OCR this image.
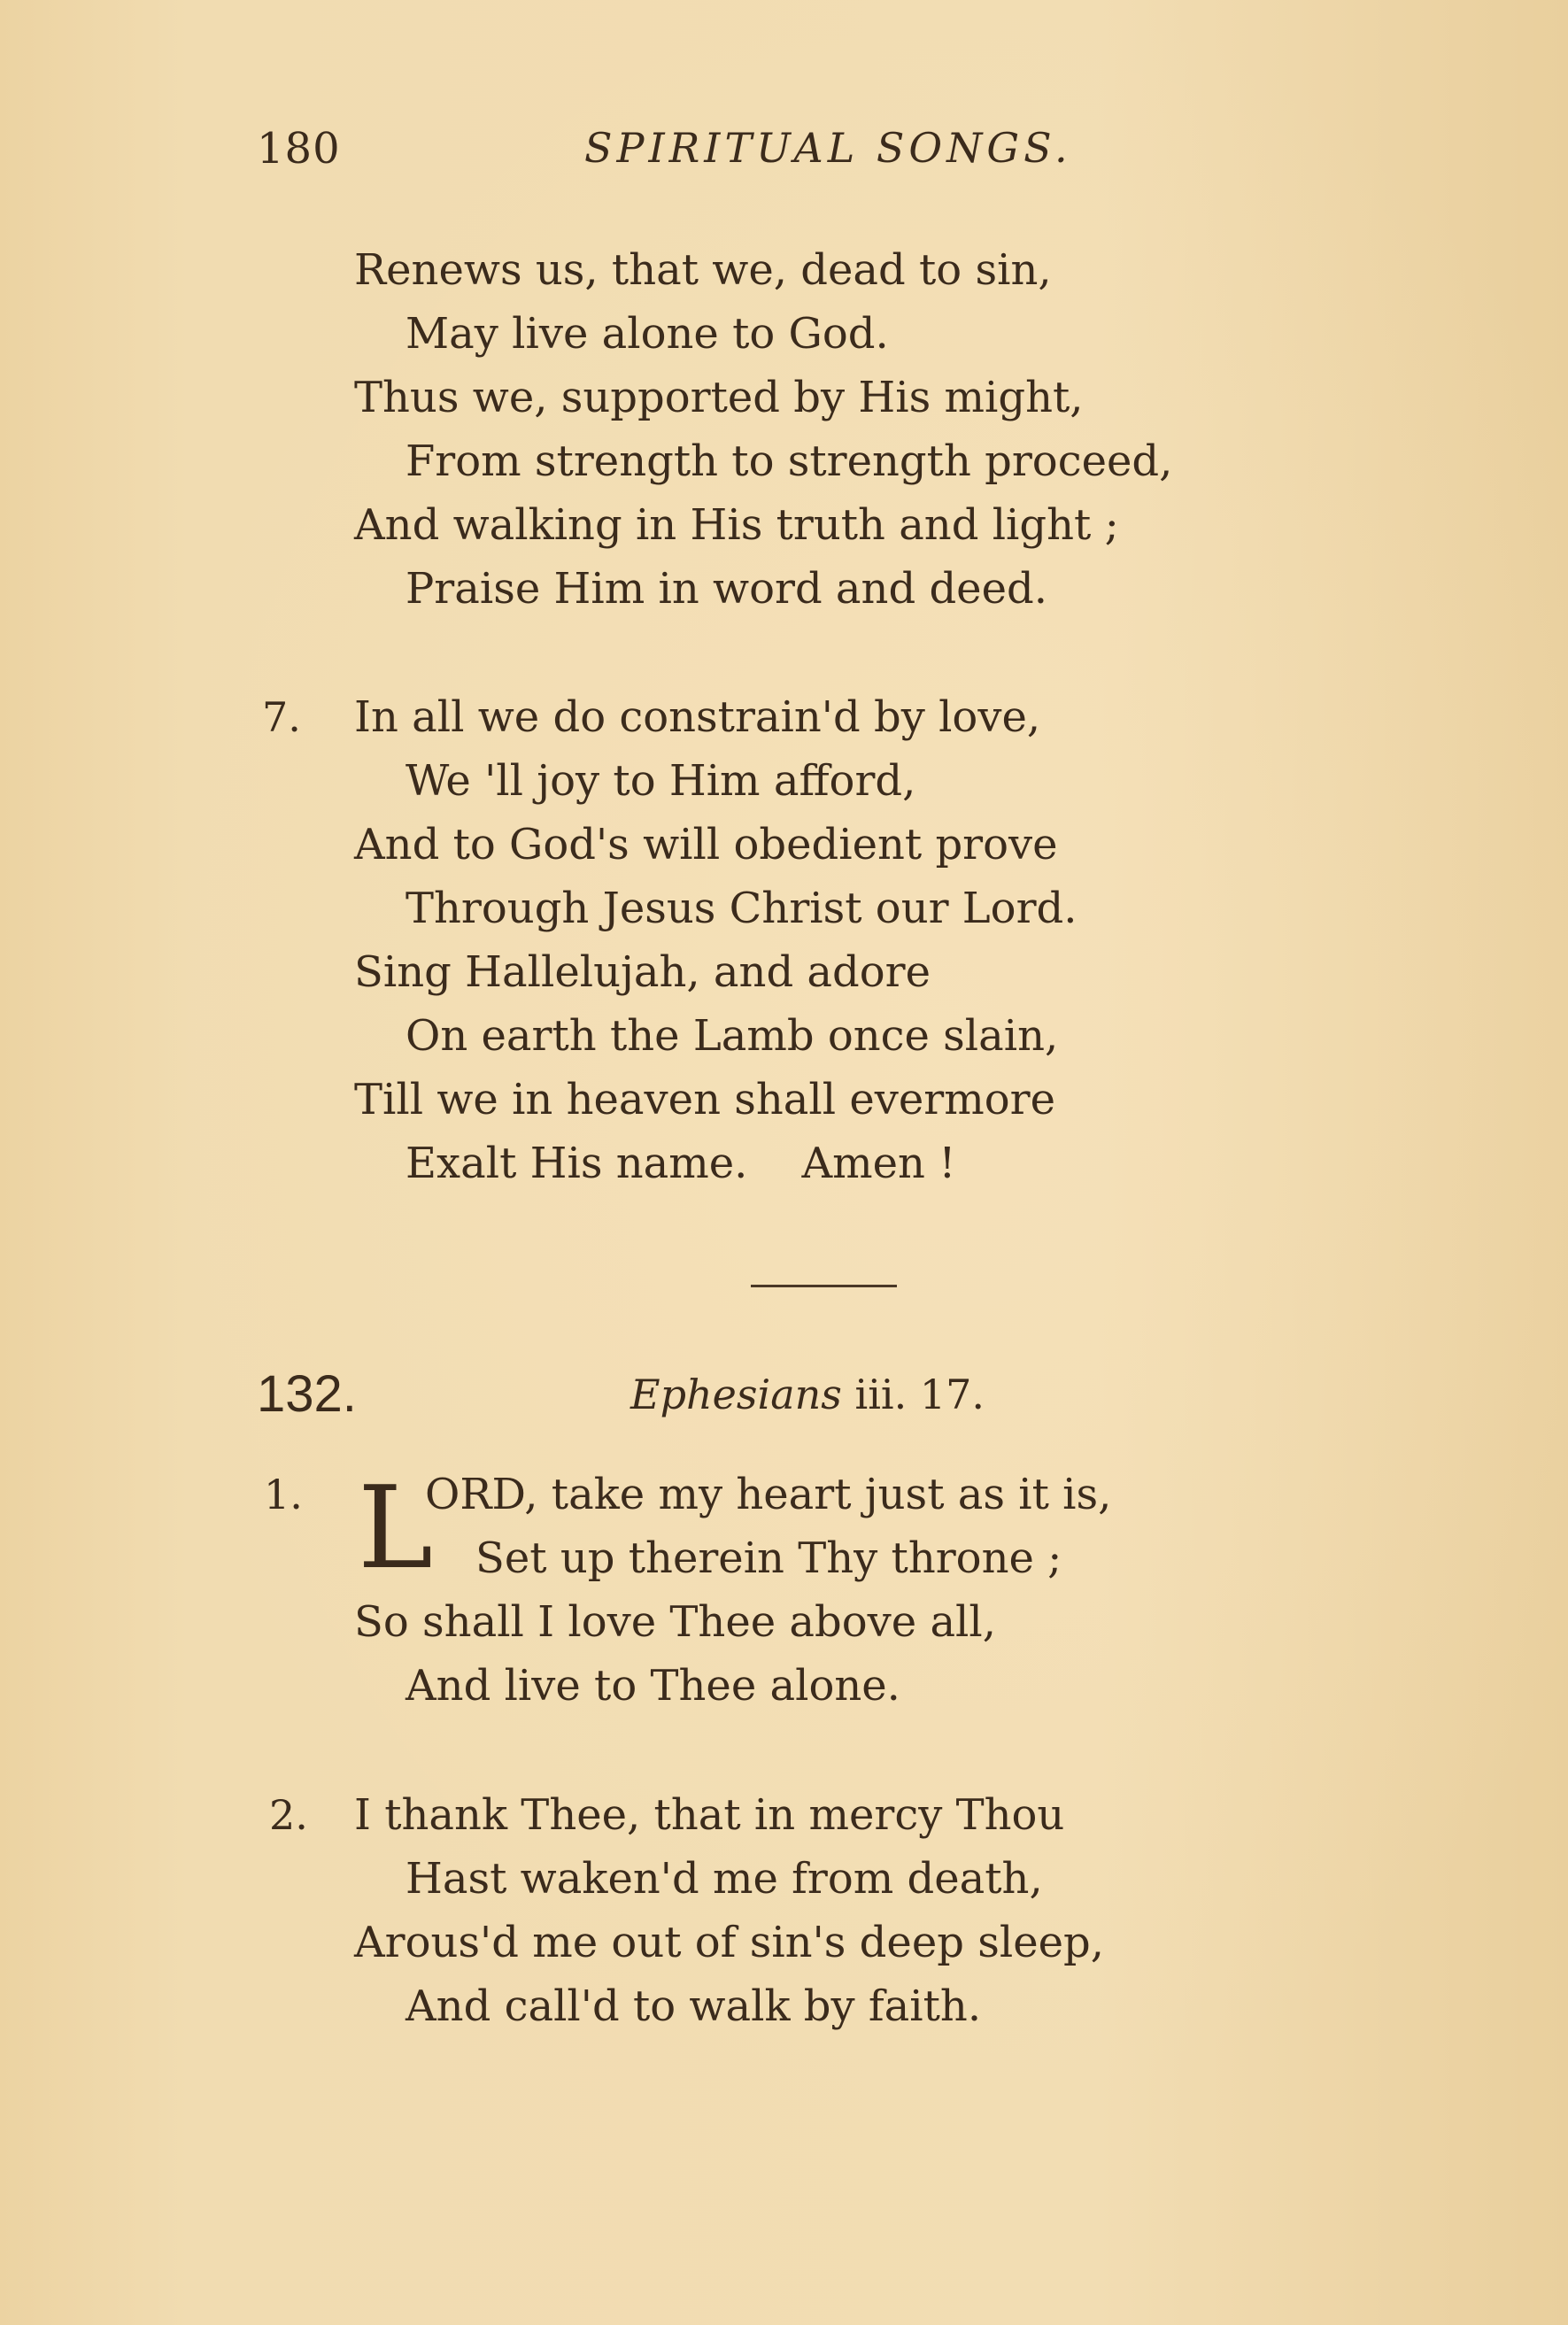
180	SPIRITUAL SONGS.
Renews us, that we, dead to sin,
May live alone to God.
Thus we, supported by His might,
From strength to strength proceed,
And walking in His truth and light ;
Praise Him in word and deed.
7. In all we do constrain'd by love,
We 'll joy to Him afford,
And to God's will obedient prove
Through Jesus Christ our Lord.
Sing Hallelujah, and adore
On earth the Lamb once slain,
Till we in heaven shall evermore
Exalt His name.    Amen !
132.	Ephesians iii. 17.
1. L
ORD, take my heart just as it is,
Set up therein Thy throne ;
So shall I love Thee above all,
And live to Thee alone.
2. I thank Thee, that in mercy Thou
Hast waken'd me from death,
Arous'd me out of sin's deep sleep,
And call'd to walk by faith.
